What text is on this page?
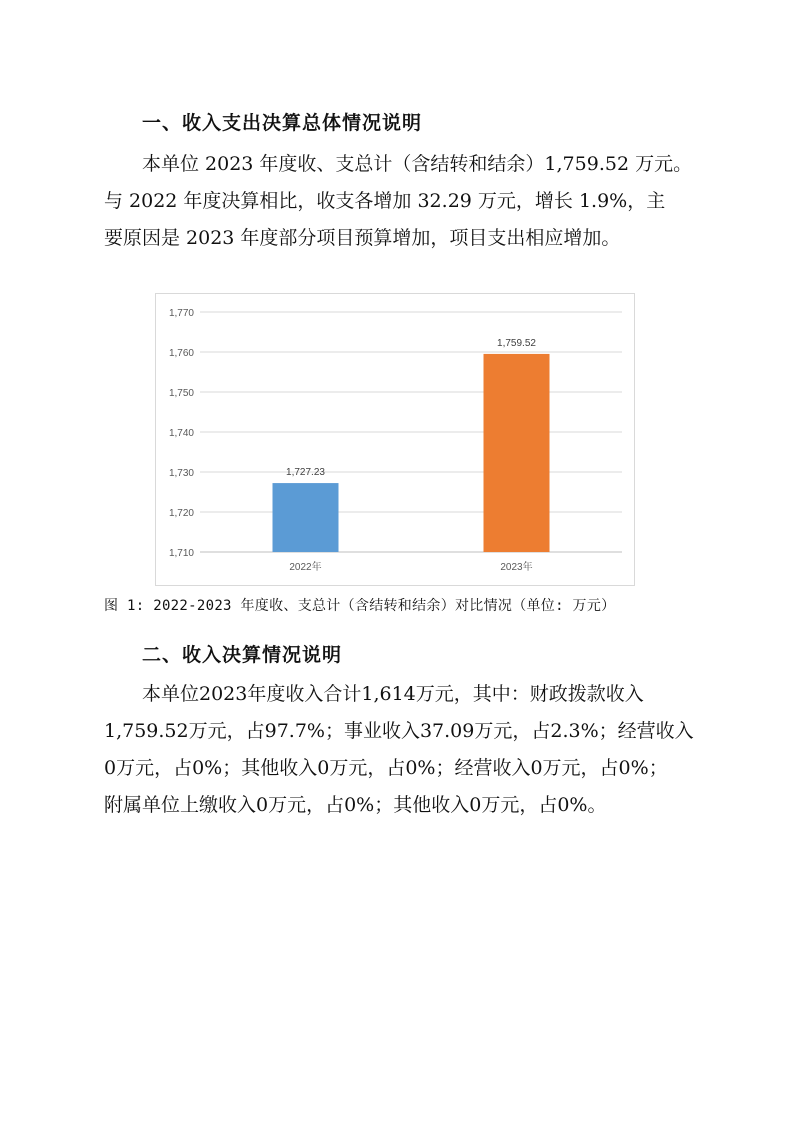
一、收入支出决算总体情况说明
本单位 2023 年度收、支总计（含结转和结余）1,759.52 万元。
与 2022 年度决算相比，收支各增加 32.29 万元，增长 1.9%，主
要原因是 2023 年度部分项目预算增加，项目支出相应增加。
1,710
1,720
1,730
1,740
1,750
1,760
1,770
1,727.23
2022年
1,759.52
2023年
图 1: 2022-2023 年度收、支总计（含结转和结余）对比情况（单位: 万元）
二、收入决算情况说明
本单位2023年度收入合计1,614万元，其中：财政拨款收入
1,759.52万元，占97.7%；事业收入37.09万元，占2.3%；经营收入
0万元，占0%；其他收入0万元，占0%；经营收入0万元，占0%；
附属单位上缴收入0万元，占0%；其他收入0万元，占0%。
